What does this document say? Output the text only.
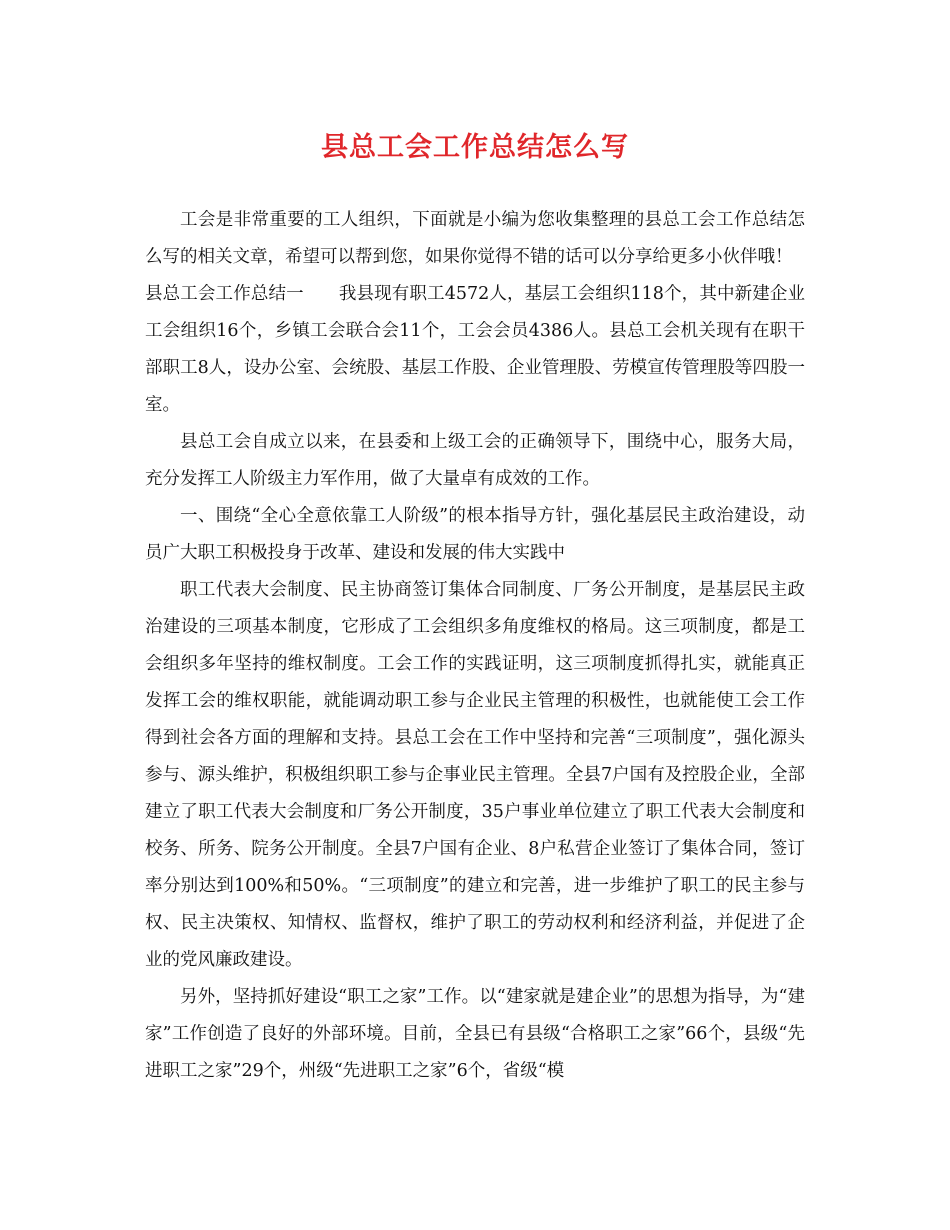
县总工会工作总结怎么写

工会是非常重要的工人组织，下面就是小编为您收集整理的县总工会工作总结怎么写的相关文章，希望可以帮到您，如果你觉得不错的话可以分享给更多小伙伴哦！

县总工会工作总结一 我县现有职工4572人，基层工会组织118个，其中新建企业工会组织16个，乡镇工会联合会11个，工会会员4386人。县总工会机关现有在职干部职工8人，设办公室、会统股、基层工作股、企业管理股、劳模宣传管理股等四股一室。

县总工会自成立以来，在县委和上级工会的正确领导下，围绕中心，服务大局，充分发挥工人阶级主力军作用，做了大量卓有成效的工作。

一、围绕“全心全意依靠工人阶级”的根本指导方针，强化基层民主政治建设，动员广大职工积极投身于改革、建设和发展的伟大实践中

职工代表大会制度、民主协商签订集体合同制度、厂务公开制度，是基层民主政治建设的三项基本制度，它形成了工会组织多角度维权的格局。这三项制度，都是工会组织多年坚持的维权制度。工会工作的实践证明，这三项制度抓得扎实，就能真正发挥工会的维权职能，就能调动职工参与企业民主管理的积极性，也就能使工会工作得到社会各方面的理解和支持。县总工会在工作中坚持和完善“三项制度”，强化源头参与、源头维护，积极组织职工参与企事业民主管理。全县7户国有及控股企业，全部建立了职工代表大会制度和厂务公开制度，35户事业单位建立了职工代表大会制度和校务、所务、院务公开制度。全县7户国有企业、8户私营企业签订了集体合同，签订率分别达到100%和50%。“三项制度”的建立和完善，进一步维护了职工的民主参与权、民主决策权、知情权、监督权，维护了职工的劳动权利和经济利益，并促进了企业的党风廉政建设。

另外，坚持抓好建设“职工之家”工作。以“建家就是建企业”的思想为指导，为“建家”工作创造了良好的外部环境。目前，全县已有县级“合格职工之家”66个，县级“先进职工之家”29个，州级“先进职工之家”6个，省级“模
